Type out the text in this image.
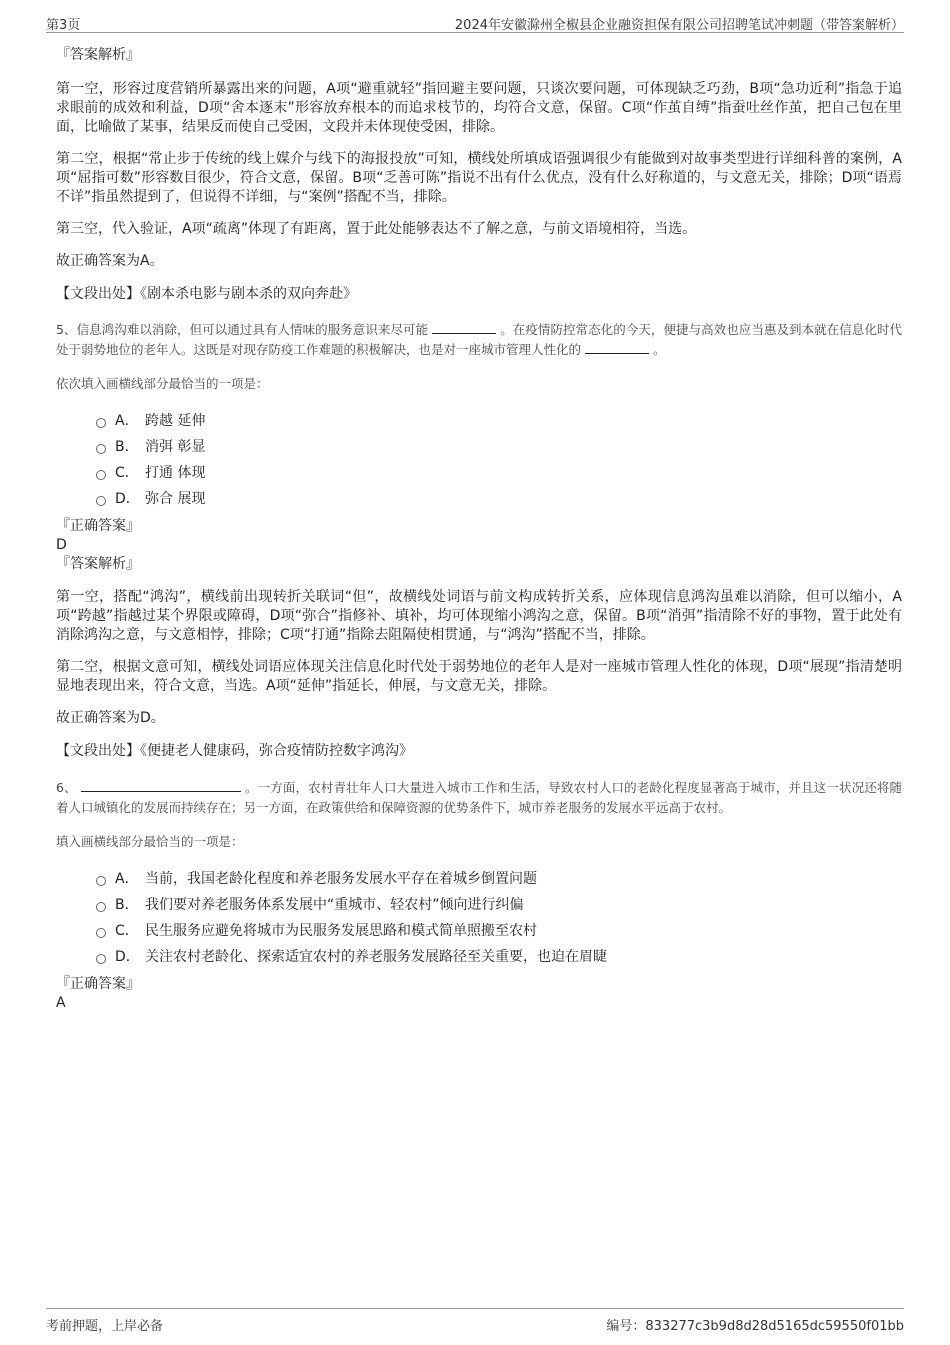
第3页	2024年安徽滁州全椒县企业融资担保有限公司招聘笔试冲刺题（带答案解析）

『答案解析』

第一空，形容过度营销所暴露出来的问题，A项“避重就轻”指回避主要问题，只谈次要问题，可体现缺乏巧劲，B项“急功近利”指急于追求眼前的成效和利益，D项“舍本逐末”形容放弃根本的而追求枝节的，均符合文意，保留。C项“作茧自缚”指蚕吐丝作茧，把自己包在里面，比喻做了某事，结果反而使自己受困，文段并未体现使受困，排除。

第二空，根据“常止步于传统的线上媒介与线下的海报投放”可知，横线处所填成语强调很少有能做到对故事类型进行详细科普的案例，A项“屈指可数”形容数目很少，符合文意，保留。B项“乏善可陈”指说不出有什么优点，没有什么好称道的，与文意无关，排除；D项“语焉不详”指虽然提到了，但说得不详细，与“案例”搭配不当，排除。

第三空，代入验证，A项“疏离”体现了有距离，置于此处能够表达不了解之意，与前文语境相符，当选。

故正确答案为A。

【文段出处】《剧本杀电影与剧本杀的双向奔赴》

5、信息鸿沟难以消除，但可以通过具有人情味的服务意识来尽可能	。在疫情防控常态化的今天，便捷与高效也应当惠及到本就在信息化时代处于弱势地位的老年人。这既是对现存防疫工作难题的积极解决，也是对一座城市管理人性化的	。

依次填入画横线部分最恰当的一项是：

A． 跨越 延伸
B． 消弭 彰显
C． 打通 体现
D． 弥合 展现

『正确答案』

D

『答案解析』

第一空，搭配“鸿沟”，横线前出现转折关联词“但”，故横线处词语与前文构成转折关系，应体现信息鸿沟虽难以消除，但可以缩小，A项“跨越”指越过某个界限或障碍，D项“弥合”指修补、填补，均可体现缩小鸿沟之意，保留。B项“消弭”指清除不好的事物，置于此处有消除鸿沟之意，与文意相悖，排除；C项“打通”指除去阻隔使相贯通，与“鸿沟”搭配不当，排除。

第二空，根据文意可知，横线处词语应体现关注信息化时代处于弱势地位的老年人是对一座城市管理人性化的体现，D项“展现”指清楚明显地表现出来，符合文意，当选。A项“延伸”指延长，伸展，与文意无关，排除。

故正确答案为D。

【文段出处】《便捷老人健康码，弥合疫情防控数字鸿沟》

6、	。一方面，农村青壮年人口大量进入城市工作和生活，导致农村人口的老龄化程度显著高于城市，并且这一状况还将随着人口城镇化的发展而持续存在；另一方面，在政策供给和保障资源的优势条件下，城市养老服务的发展水平远高于农村。

填入画横线部分最恰当的一项是：

A． 当前，我国老龄化程度和养老服务发展水平存在着城乡倒置问题
B． 我们要对养老服务体系发展中“重城市、轻农村”倾向进行纠偏
C． 民生服务应避免将城市为民服务发展思路和模式简单照搬至农村
D． 关注农村老龄化、探索适宜农村的养老服务发展路径至关重要，也迫在眉睫

『正确答案』

A

考前押题，上岸必备	编号：833277c3b9d8d28d5165dc59550f01bb
